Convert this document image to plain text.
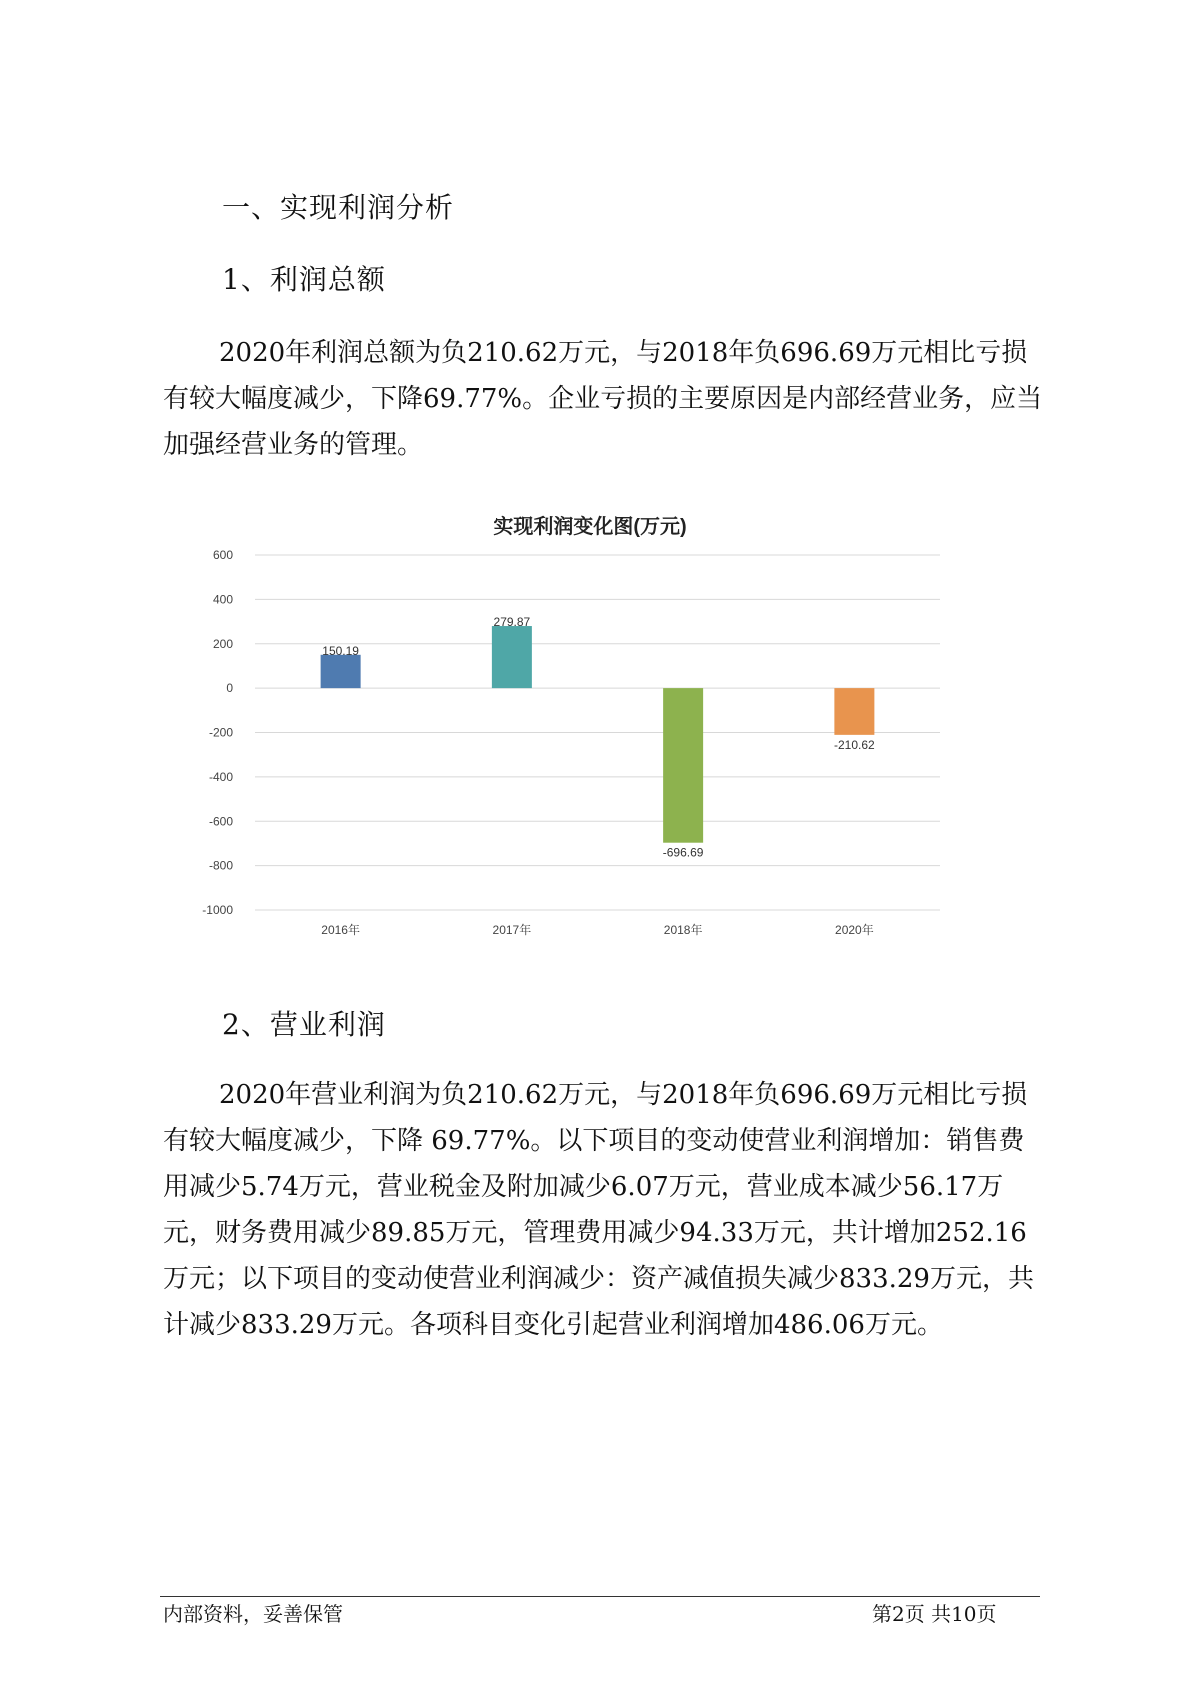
一、实现利润分析
1、利润总额

2020年利润总额为负210.62万元，与2018年负696.69万元相比亏损有较大幅度减少，下降69.77%。企业亏损的主要原因是内部经营业务，应当加强经营业务的管理。

实现利润变化图(万元)
600
400
200
0
-200
-400
-600
-800
-1000
150.19
2016年
279.87
2017年
-696.69
2018年
-210.62
2020年
2、营业利润

2020年营业利润为负210.62万元，与2018年负696.69万元相比亏损有较大幅度减少，下降 69.77%。以下项目的变动使营业利润增加：销售费用减少5.74万元，营业税金及附加减少6.07万元，营业成本减少56.17万元，财务费用减少89.85万元，管理费用减少94.33万元，共计增加252.16万元；以下项目的变动使营业利润减少：资产减值损失减少833.29万元，共计减少833.29万元。各项科目变化引起营业利润增加486.06万元。

内部资料，妥善保管	第2页 共10页
